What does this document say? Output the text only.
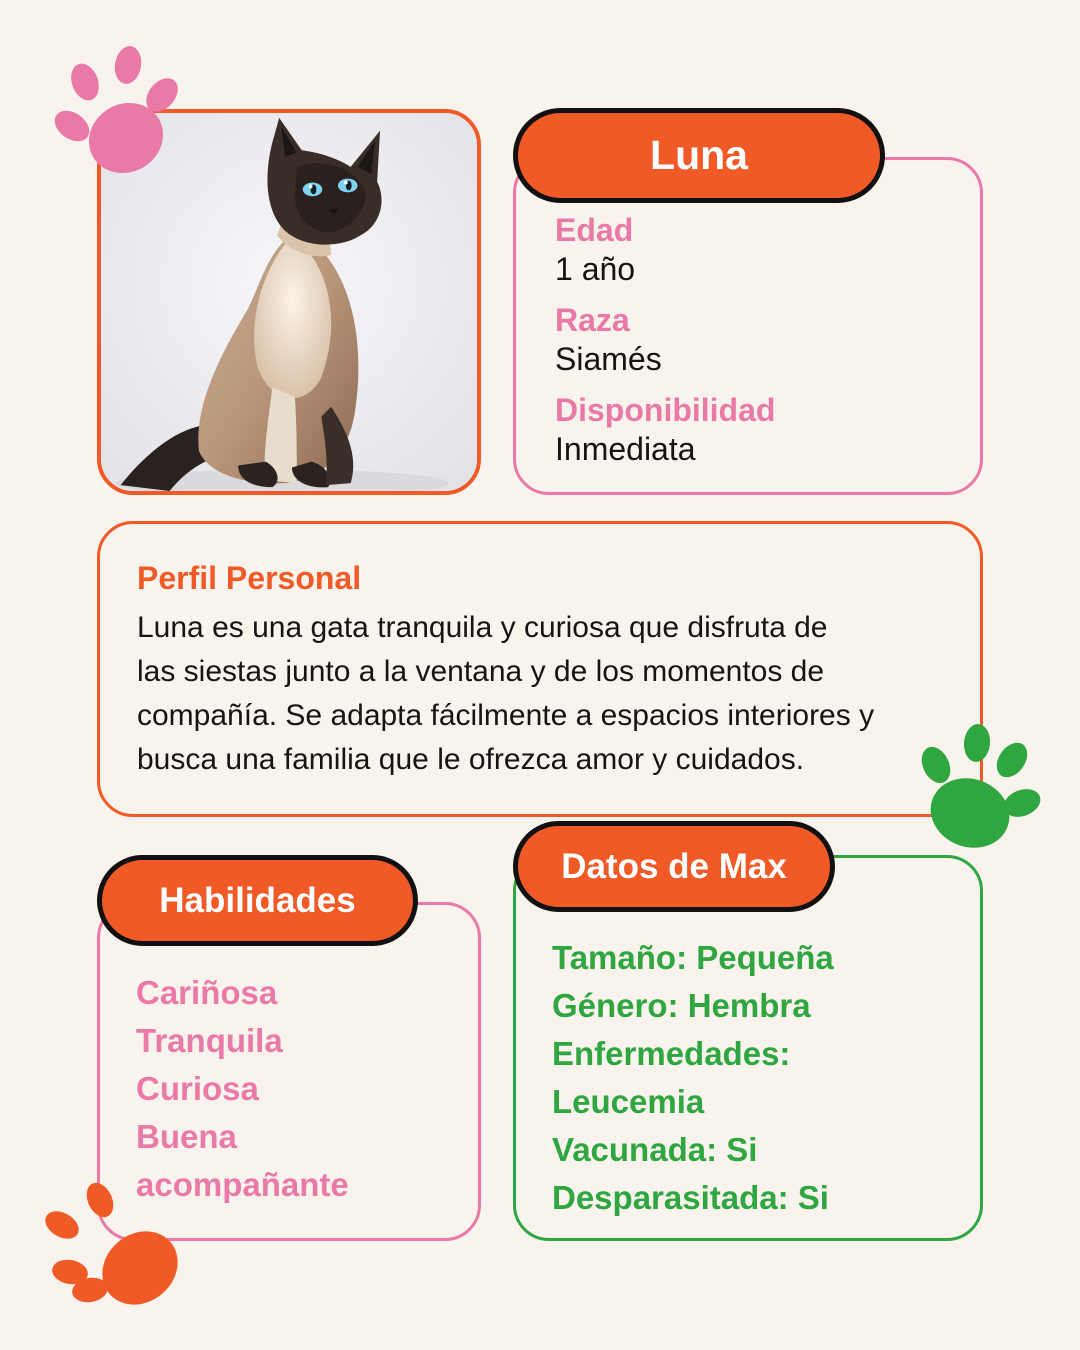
Edad
1 año
Raza
Siamés
Disponibilidad
Inmediata
Luna
Perfil Personal
Luna es una gata tranquila y curiosa que disfruta de
las siestas junto a la ventana y de los momentos de
compañía. Se adapta fácilmente a espacios interiores y
busca una familia que le ofrezca amor y cuidados.
Cariñosa
Tranquila
Curiosa
Buena
acompañante
Habilidades
Tamaño: Pequeña
Género: Hembra
Enfermedades:
Leucemia
Vacunada: Si
Desparasitada: Si
Datos de Max
